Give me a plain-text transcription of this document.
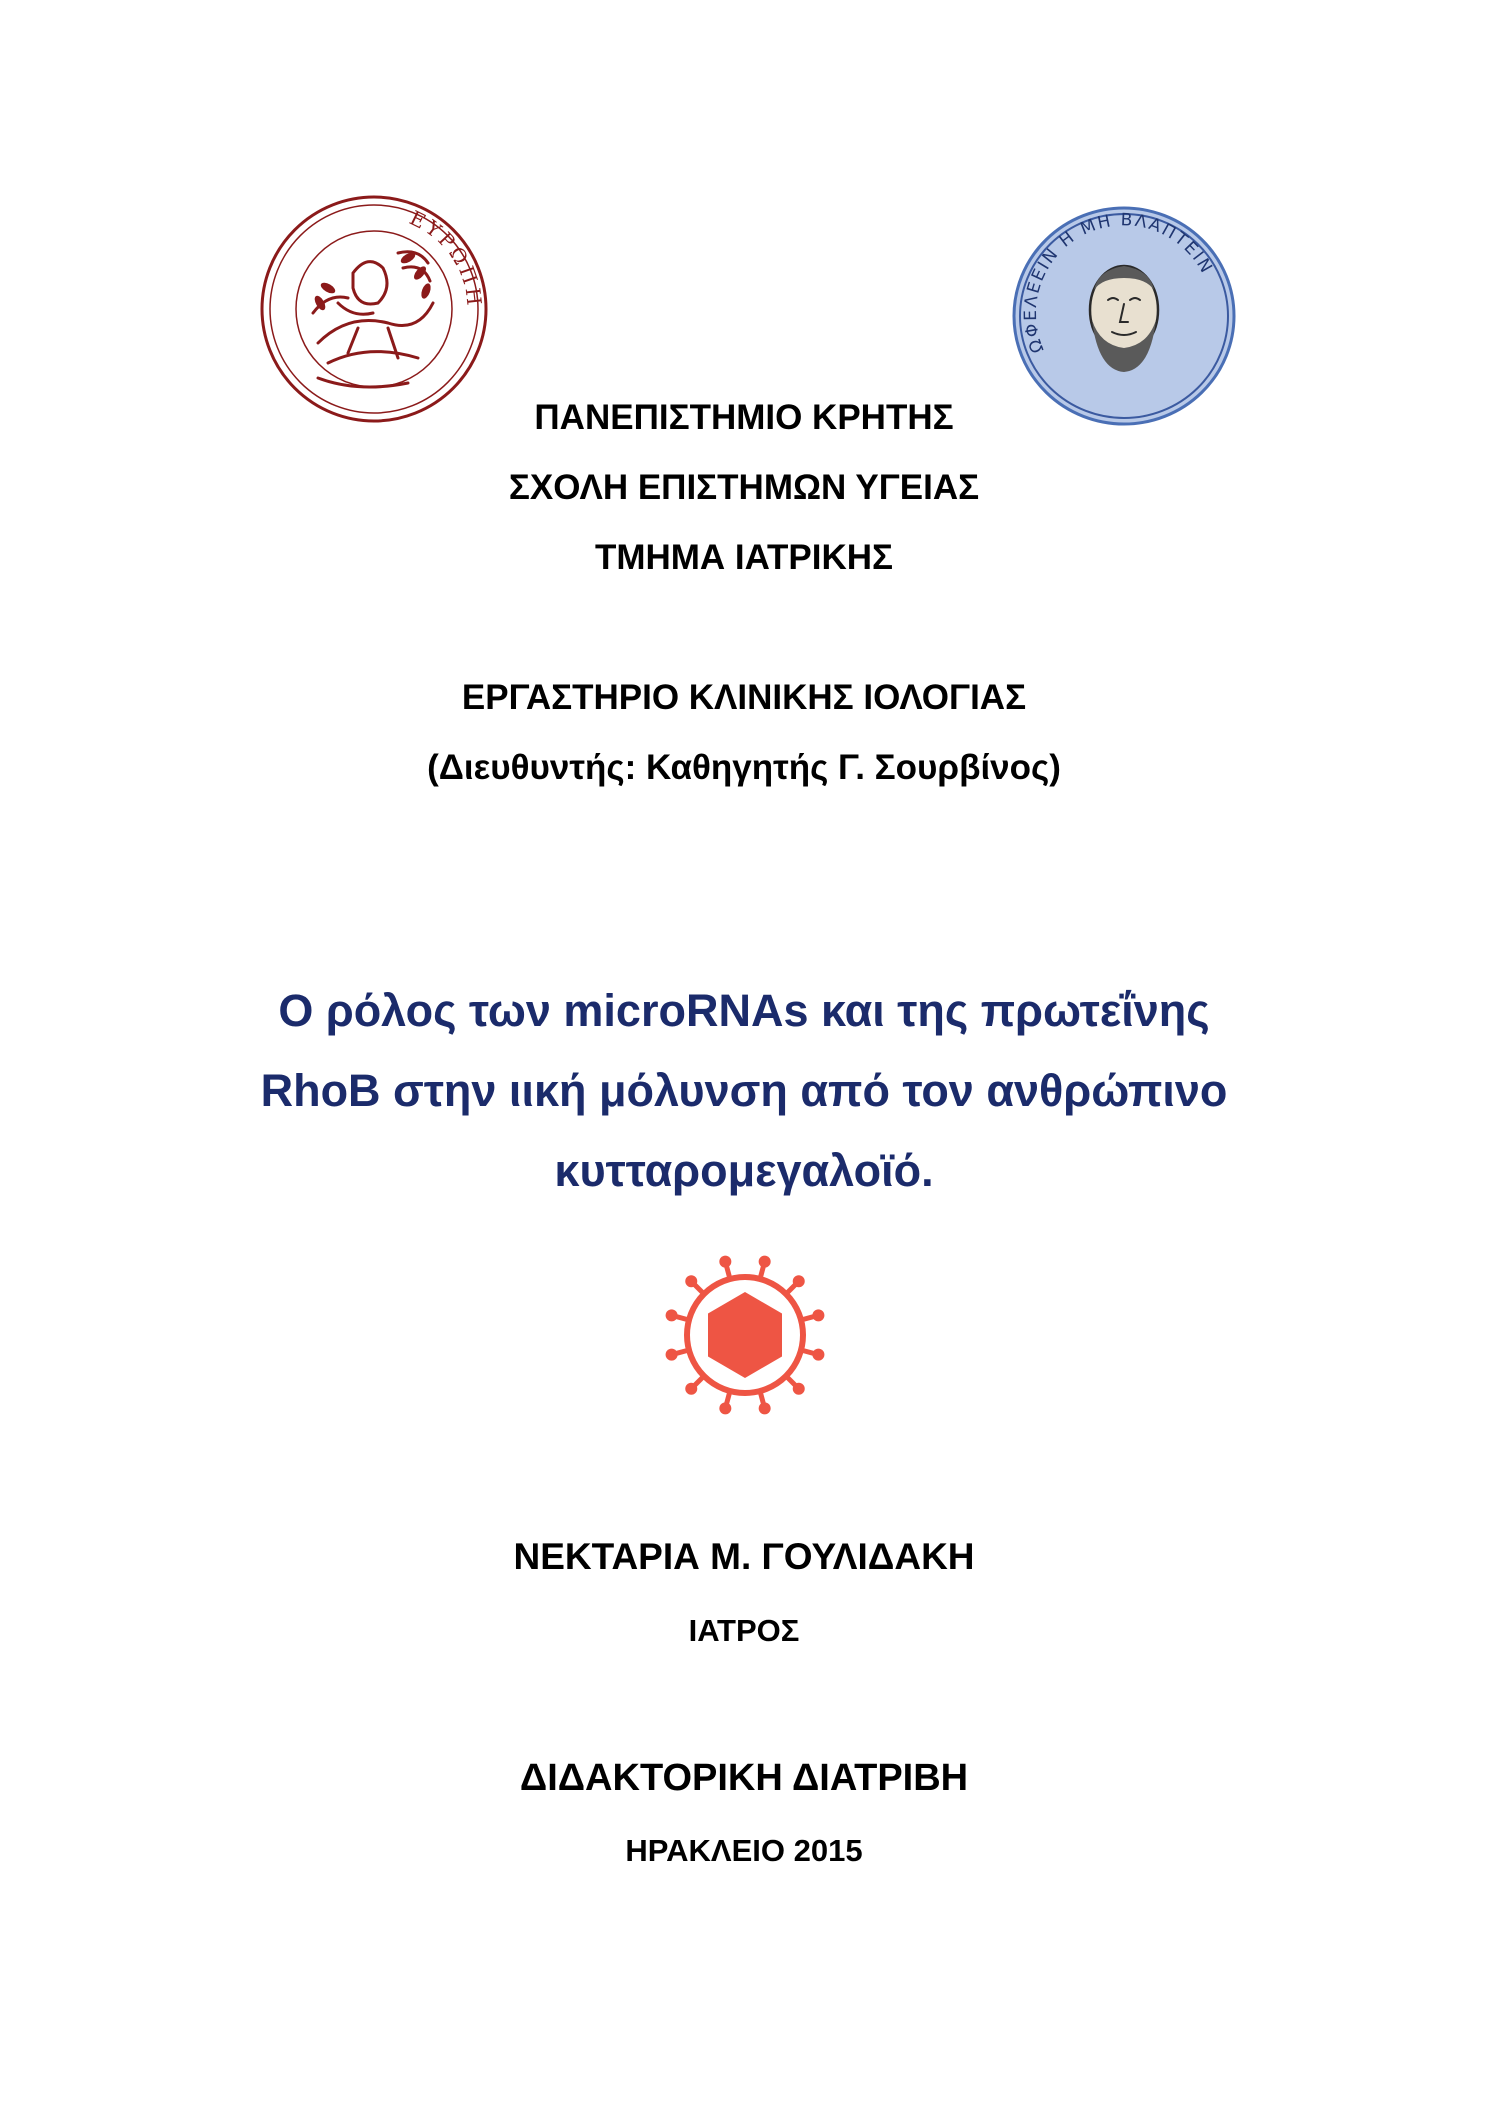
ΕΥΡΩΠΗ
ΩΦΕΛΕΕΙΝ Η ΜΗ ΒΛΑΠΤΕΙΝ
ΠΑΝΕΠΙΣΤΗΜΙΟ ΚΡΗΤΗΣ
ΣΧΟΛΗ ΕΠΙΣΤΗΜΩΝ ΥΓΕΙΑΣ
ΤΜΗΜΑ ΙΑΤΡΙΚΗΣ
ΕΡΓΑΣΤΗΡΙΟ ΚΛΙΝΙΚΗΣ ΙΟΛΟΓΙΑΣ
(Διευθυντής: Καθηγητής Γ. Σουρβίνος)
Ο ρόλος των microRNAs και της πρωτεΐνης
RhoB στην ιική μόλυνση από τον ανθρώπινο
κυτταρομεγαλοϊό.
ΝΕΚΤΑΡΙΑ Μ. ΓΟΥΛΙΔΑΚΗ
ΙΑΤΡΟΣ
ΔΙΔΑΚΤΟΡΙΚΗ ΔΙΑΤΡΙΒΗ
ΗΡΑΚΛΕΙΟ 2015
